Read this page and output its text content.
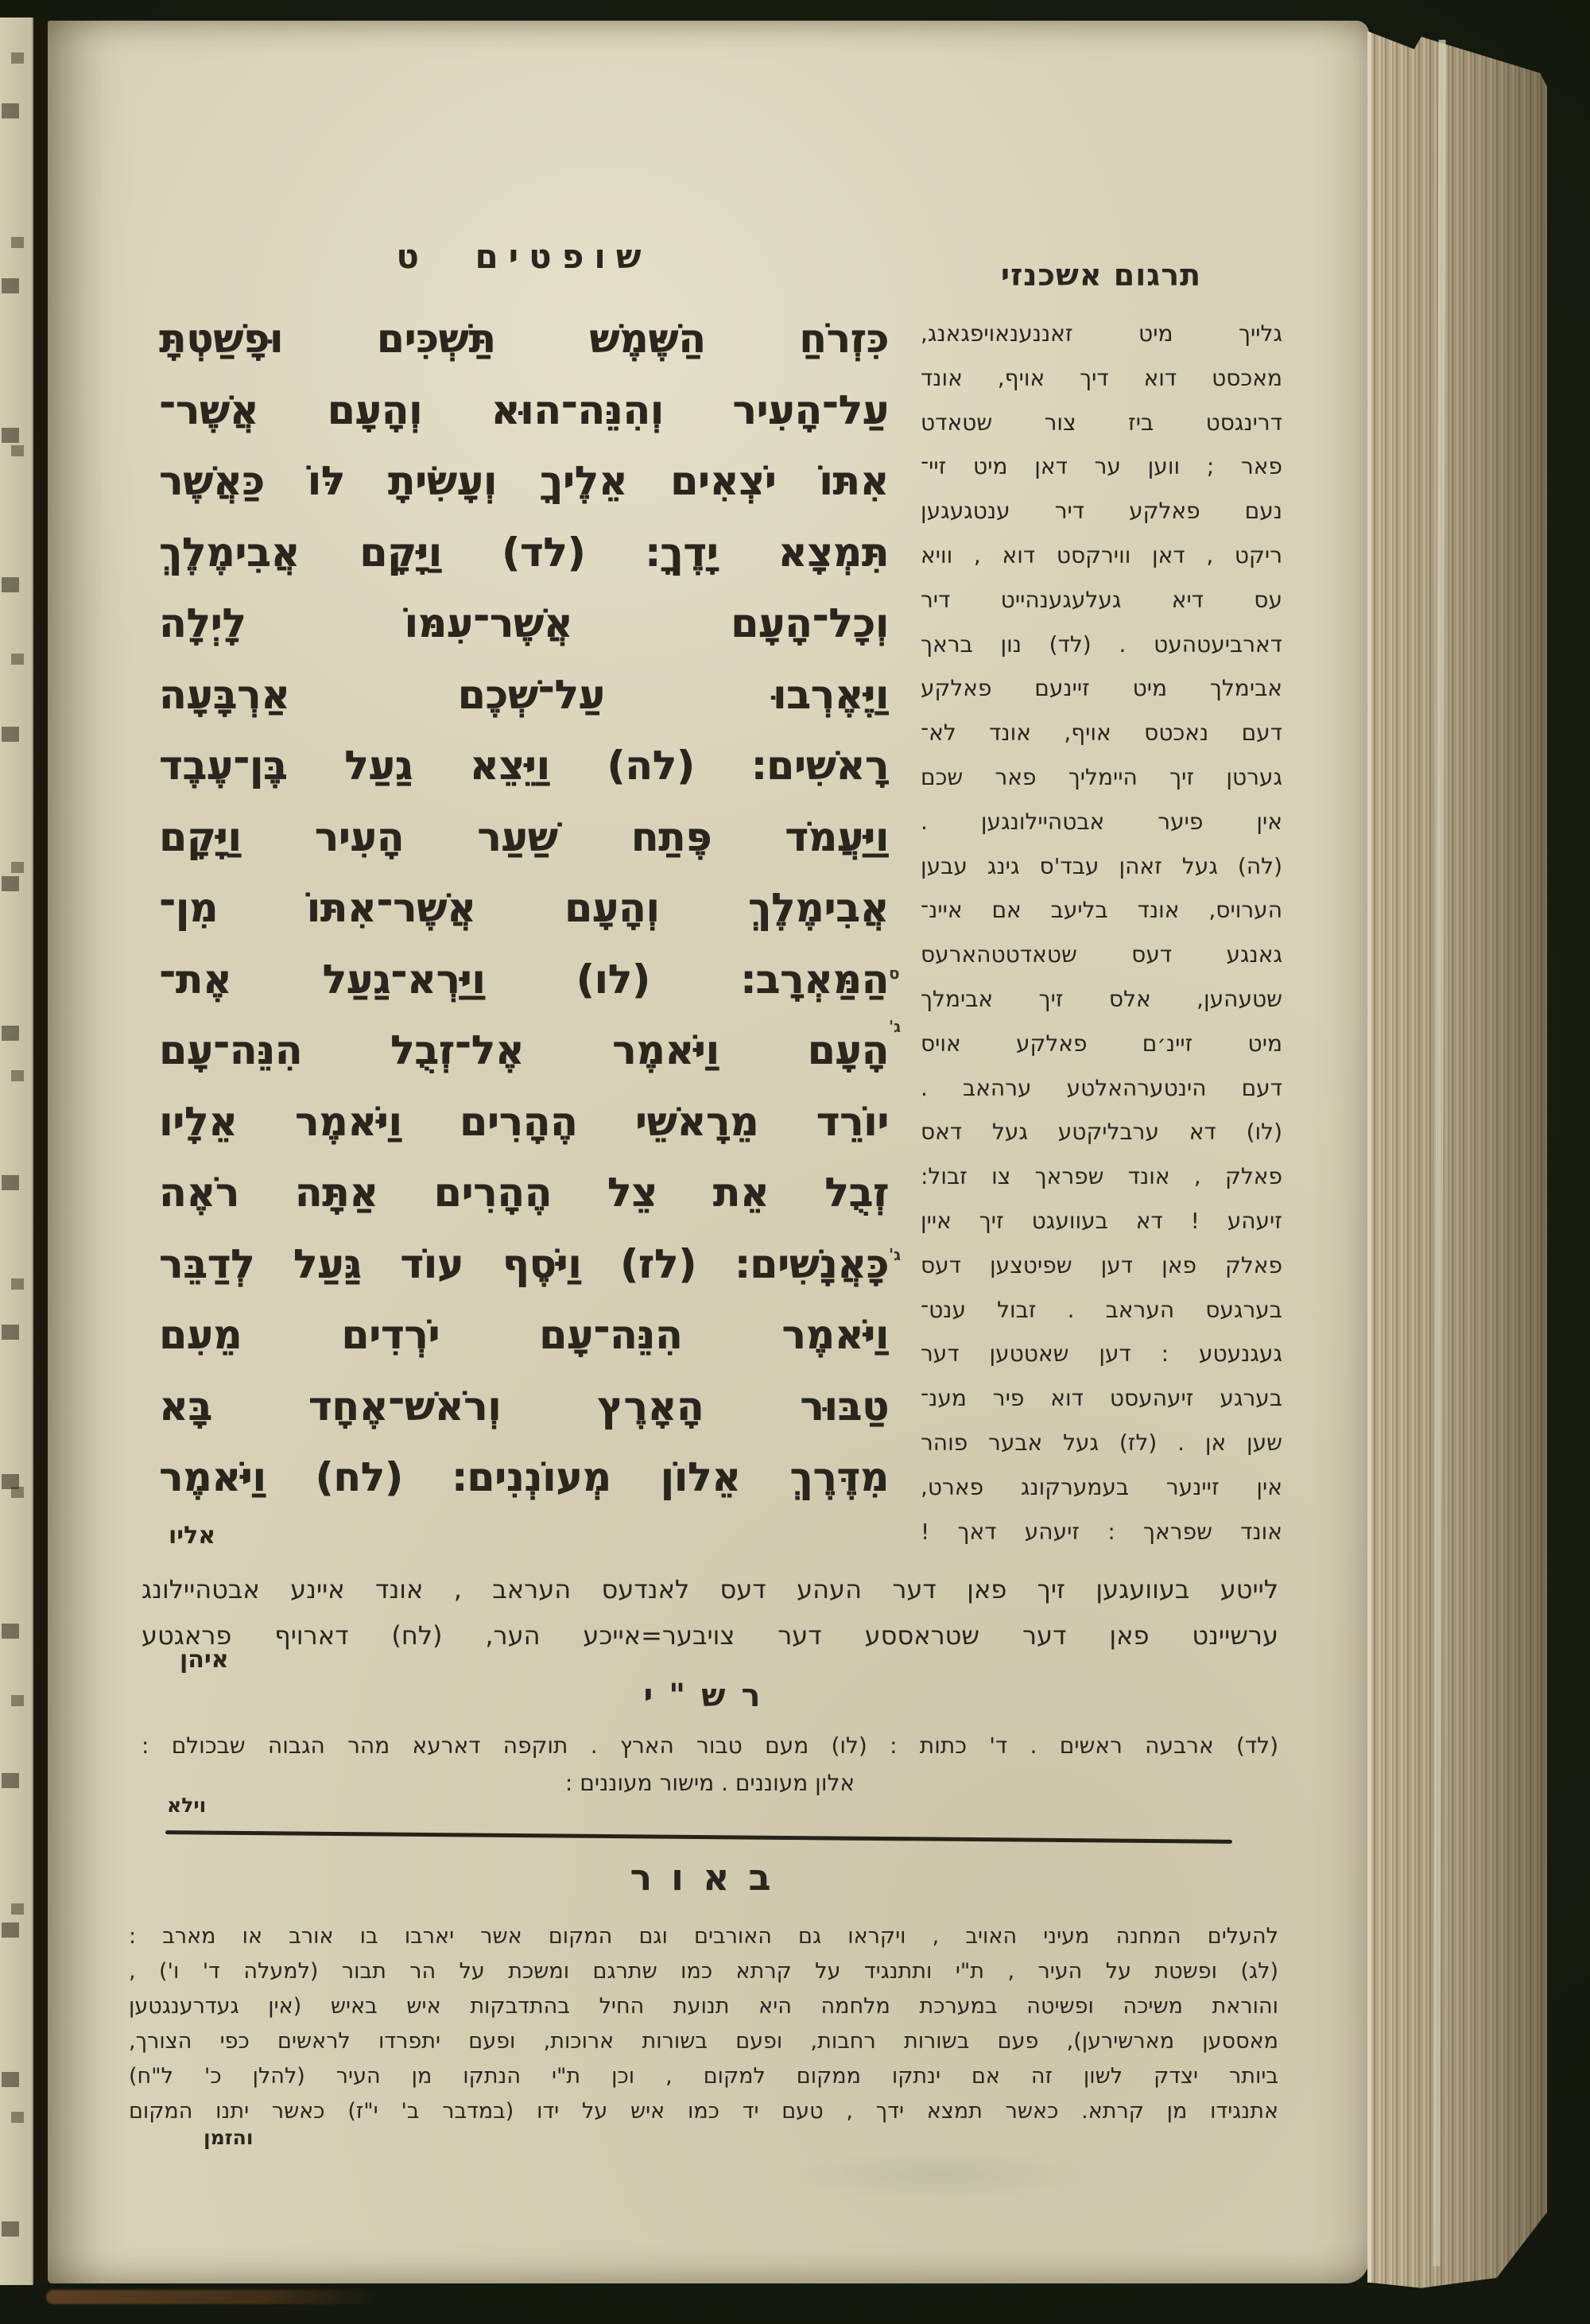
שופטים ט
כִּזְרֹחַ הַשֶּׁמֶשׁ תַּשְׁכִּים וּפָשַׁטְתָּ
עַל־הָעִיר וְהִנֵּה־הוּא וְהָעָם אֲשֶׁר־
אִתּוֹ יֹצְאִים אֵלֶיךָ וְעָשִׂיתָ לּוֹ כַּאֲשֶׁר
תִּמְצָא יָדֶךָ׃ (לד) וַיָּקָם אֲבִימֶלֶךְ
וְכָל־הָעָם אֲשֶׁר־עִמּוֹ לָיְלָה
וַיֶּאֶרְבוּ עַל־שְׁכֶם אַרְבָּעָה
רָאשִׁים׃ (לה) וַיֵּצֵא גַעַל בֶּן־עֶבֶד
וַיַּעֲמֹד פֶּתַח שַׁעַר הָעִיר וַיָּקָם
אֲבִימֶלֶךְ וְהָעָם אֲשֶׁר־אִתּוֹ מִן־
הַמַּאְרָב׃ (לו) וַיַּרְא־גַעַל אֶת־
הָעָם וַיֹּאמֶר אֶל־זְבֻל הִנֵּה־עָם
יוֹרֵד מֵרָאשֵׁי הֶהָרִים וַיֹּאמֶר אֵלָיו
זְבֻל אֵת צֵל הֶהָרִים אַתָּה רֹאֶה
כָּאֲנָשִׁים׃ (לז) וַיֹּסֶף עוֹד גַּעַל לְדַבֵּר
וַיֹּאמֶר הִנֵּה־עָם יֹרְדִים מֵעִם
טַבּוּר הָאָרֶץ וְרֹאשׁ־אֶחָד בָּא
מִדֶּרֶךְ אֵלוֹן מְעוֹנְנִים׃ (לח) וַיֹּאמֶר
אליו
תרגום אשכנזי
גלייך מיט זאננענאויפגאנג,
מאכסט דוא דיך אויף, אונד
דרינגסט ביז צור שטאדט
פאר ; ווען ער דאן מיט זיי־
נעם פאלקע דיר ענטגעגען
ריקט , דאן ווירקסט דוא , וויא
עס דיא געלעגענהייט דיר
דארביעטהעט . (לד) נון בראך
אבימלך מיט זיינעם פאלקע
דעם נאכטס אויף, אונד לא־
גערטן זיך היימליך פאר שכם
אין פיער אבטהיילונגען .
(לה) געל זאהן עבד'ס גינג עבען
הערויס, אונד בליעב אם איינ־
גאנגע דעס שטאדטטהארעס
שטעהען, אלס זיך אבימלך
מיט זיינ׳ם פאלקע אויס
דעם הינטערהאלטע ערהאב .
(לו) דא ערבליקטע געל דאס
פאלק , אונד שפראך צו זבול:
זיעהע ! דא בעוועגט זיך איין
פאלק פאן דען שפיטצען דעס
בערגעס העראב . זבול ענט־
געגנעטע : דען שאטטען דער
בערגע זיעהעסט דוא פיר מענ־
שען אן . (לז) געל אבער פוהר
אין זיינער בעמערקונג פארט,
אונד שפראך : זיעהע דאך !
לייטע בעוועגען זיך פאן דער העהע דעס לאנדעס העראב , אונד איינע אבטהיילונג
ערשיינט פאן דער שטראססע דער צויבער=אייכע הער, (לח) דארויף פראגטע
איהן
רש"י
(לד) ארבעה ראשים . ד' כתות : (לו) מעם טבור הארץ . תוקפה דארעא מהר הגבוה שבכולם :
אלון מעוננים . מישור מעוננים :
וילא
באור
להעלים המחנה מעיני האויב , ויקראו גם האורבים וגם המקום אשר יארבו בו אורב או מארב :
(לג) ופשטת על העיר , ת"י ותתנגיד על קרתא כמו שתרגם ומשכת על הר תבור (למעלה ד' ו') ,
והוראת משיכה ופשיטה במערכת מלחמה היא תנועת החיל בהתדבקות איש באיש (אין געדרענגטען
מאססען מארשירען), פעם בשורות רחבות, ופעם בשורות ארוכות, ופעם יתפרדו לראשים כפי הצורך,
ביותר יצדק לשון זה אם ינתקו ממקום למקום , וכן ת"י הנתקו מן העיר (להלן כ' ל"ח)
אתנגידו מן קרתא. כאשר תמצא ידך , טעם יד כמו איש על ידו (במדבר ב' י"ז) כאשר יתנו המקום
והזמן
ס
ג'
ג'
